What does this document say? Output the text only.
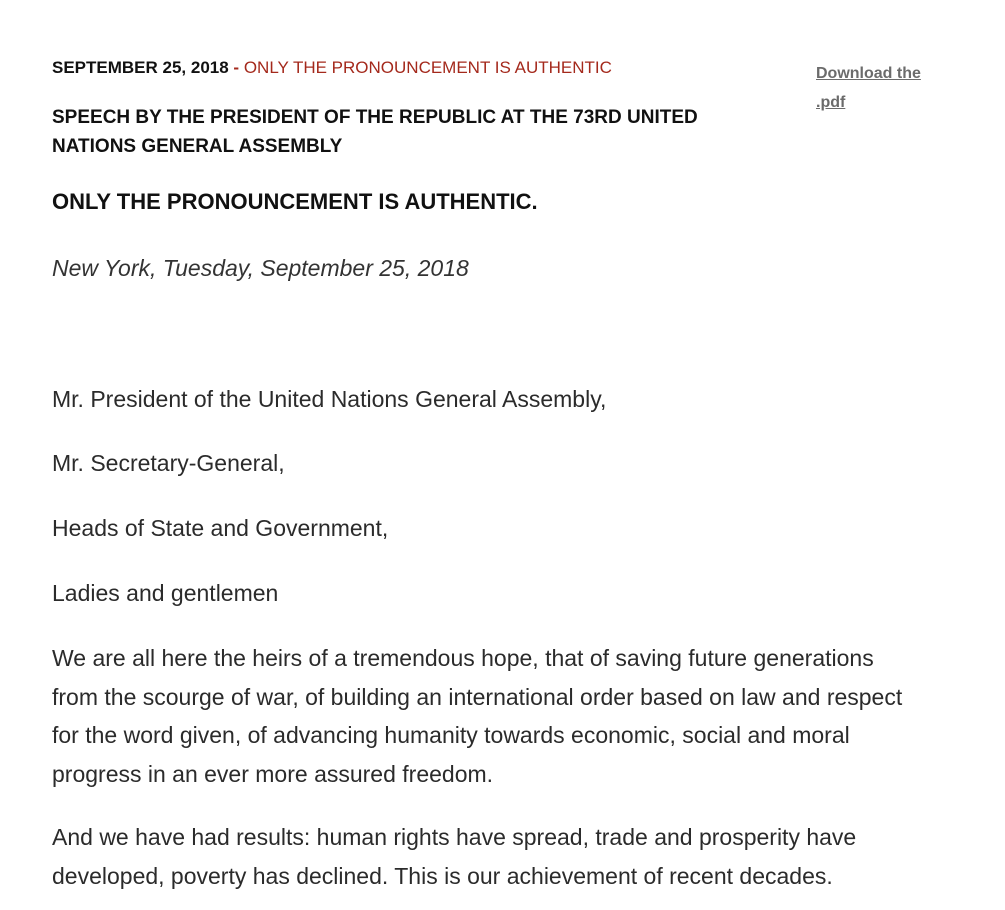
SEPTEMBER 25, 2018 - ONLY THE PRONOUNCEMENT IS AUTHENTIC	Download the .pdf
SPEECH BY THE PRESIDENT OF THE REPUBLIC AT THE 73RD UNITED NATIONS GENERAL ASSEMBLY
ONLY THE PRONOUNCEMENT IS AUTHENTIC.
New York, Tuesday, September 25, 2018

Mr. President of the United Nations General Assembly,

Mr. Secretary-General,

Heads of State and Government,

Ladies and gentlemen

We are all here the heirs of a tremendous hope, that of saving future generations from the scourge of war, of building an international order based on law and respect for the word given, of advancing humanity towards economic, social and moral progress in an ever more assured freedom.

And we have had results: human rights have spread, trade and prosperity have developed, poverty has declined. This is our achievement of recent decades.
